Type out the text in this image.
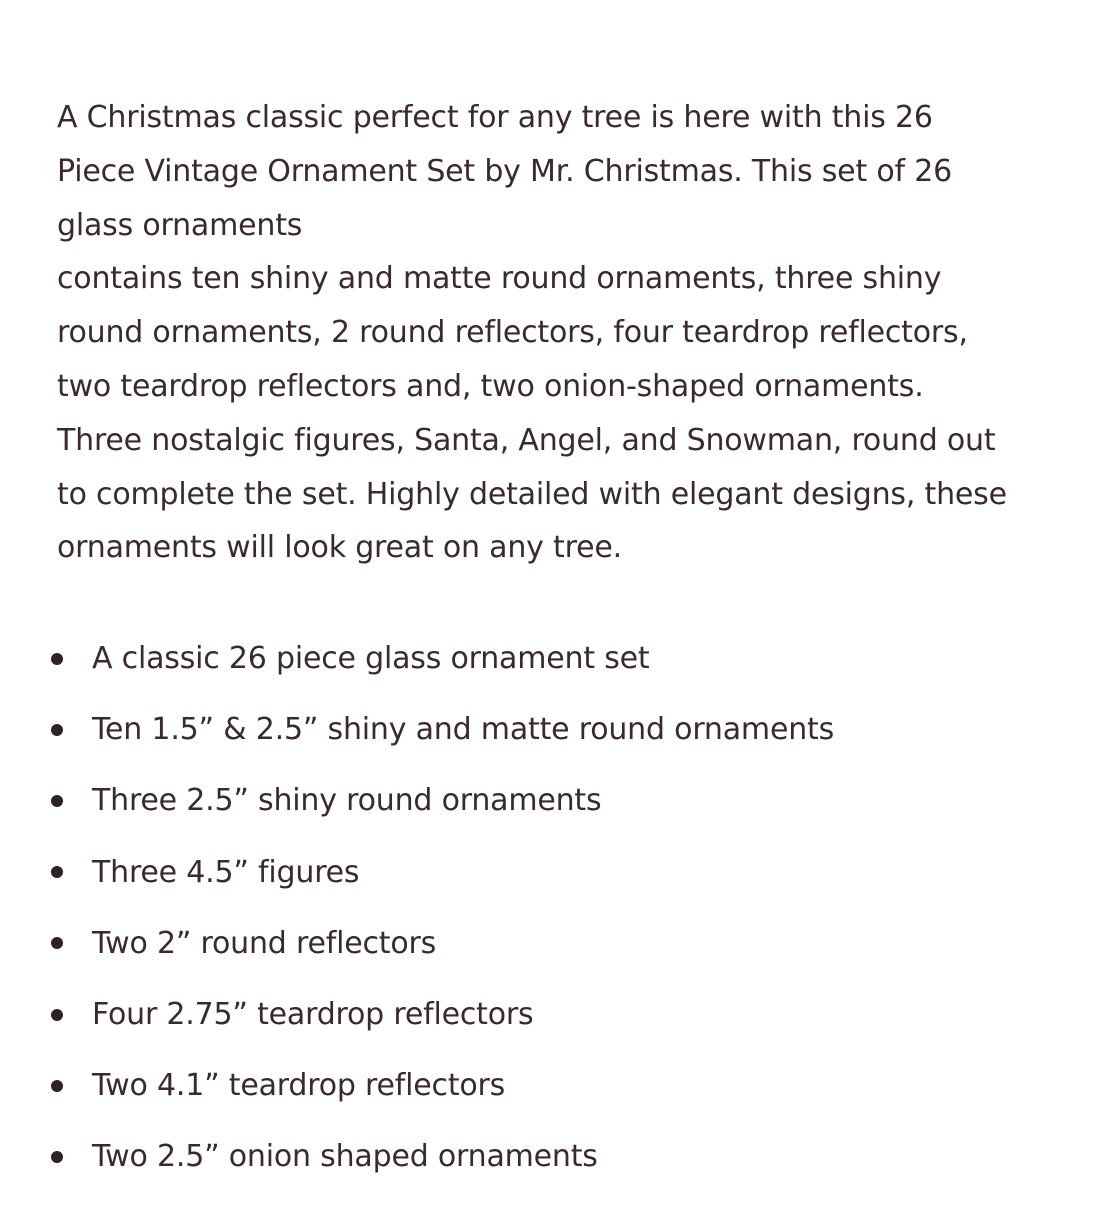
A Christmas classic perfect for any tree is here with this 26
Piece Vintage Ornament Set by Mr. Christmas. This set of 26
glass ornaments
contains ten shiny and matte round ornaments, three shiny
round ornaments, 2 round reflectors, four teardrop reflectors,
two teardrop reflectors and, two onion-shaped ornaments.
Three nostalgic figures, Santa, Angel, and Snowman, round out
to complete the set. Highly detailed with elegant designs, these
ornaments will look great on any tree.

A classic 26 piece glass ornament set
Ten 1.5” & 2.5” shiny and matte round ornaments
Three 2.5” shiny round ornaments
Three 4.5” figures
Two 2” round reflectors
Four 2.75” teardrop reflectors
Two 4.1” teardrop reflectors
Two 2.5” onion shaped ornaments
